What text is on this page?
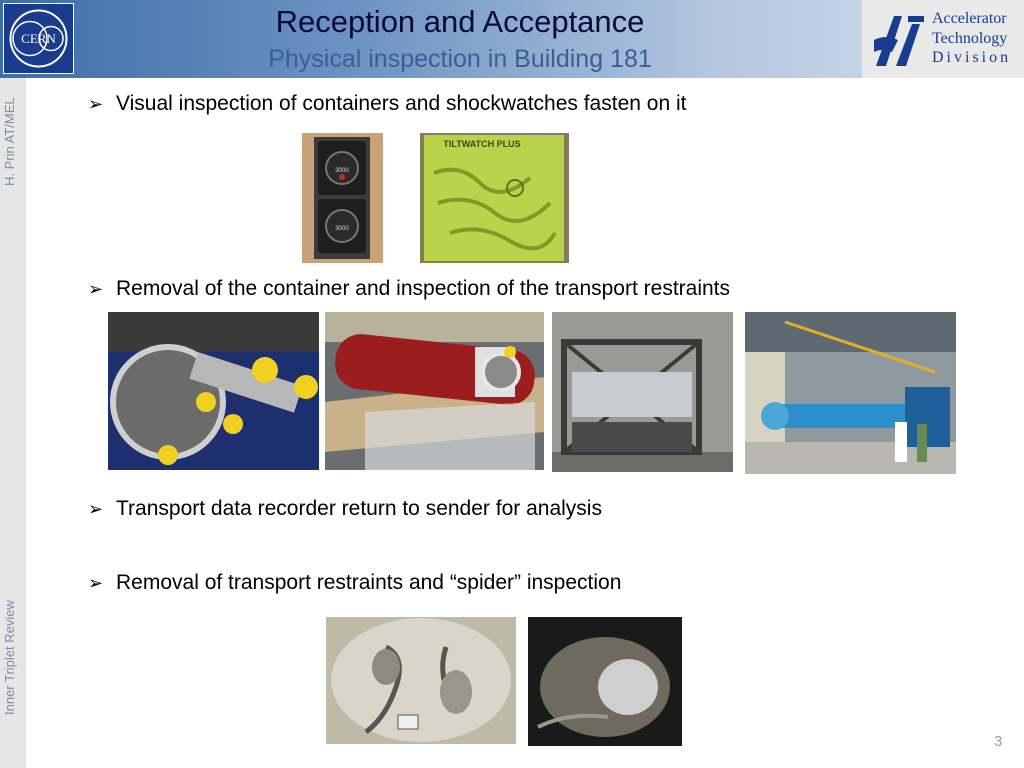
CERN	Reception and Acceptance
Physical inspection in Building 181
Accelerator
Technology
Division
H. Prin AT/MEL
Inner Triplet Review
➢ Visual inspection of containers and shockwatches fasten on it
3000
3000
TILTWATCH PLUS
➢ Removal of the container and inspection of the transport restraints
➢ Transport data recorder return to sender for analysis
➢ Removal of transport restraints and “spider” inspection
3
